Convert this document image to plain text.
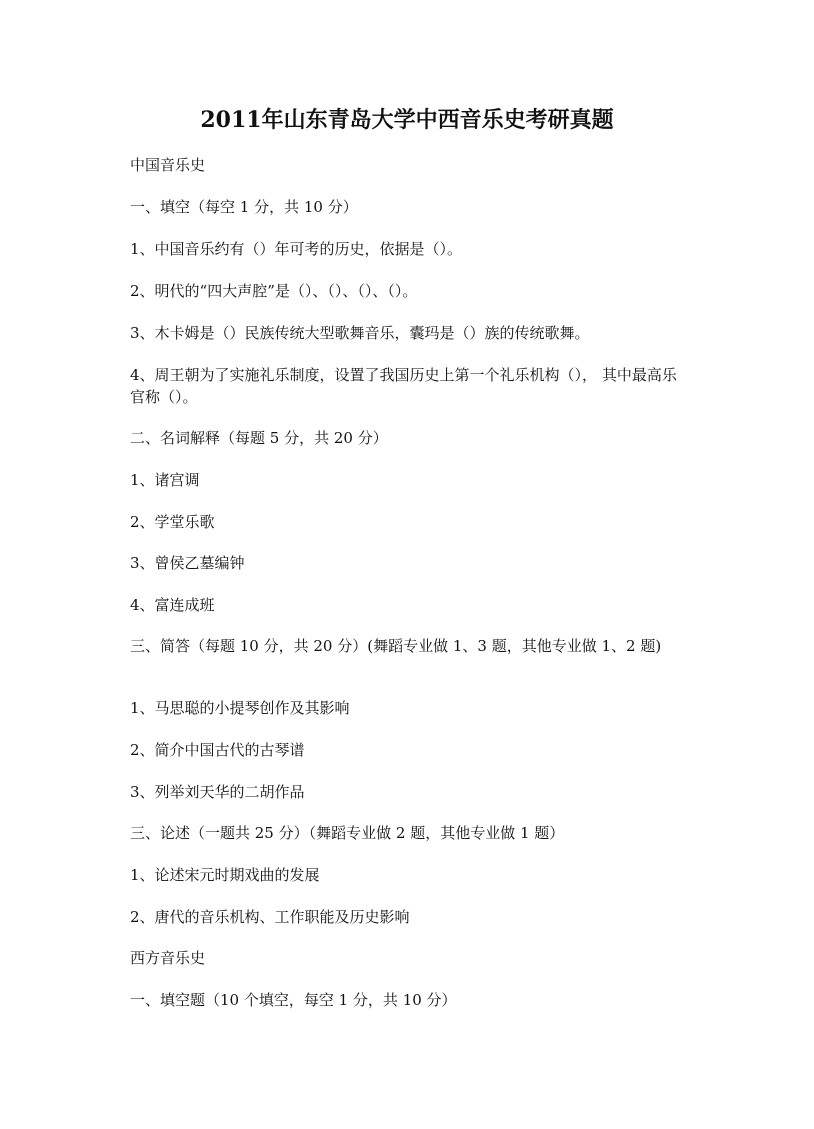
2011年山东青岛大学中西音乐史考研真题
中国音乐史
一、填空（每空 1 分，共 10 分）
1、中国音乐约有（）年可考的历史，依据是（）。
2、明代的“四大声腔”是（）、（）、（）、（）。
3、木卡姆是（）民族传统大型歌舞音乐，囊玛是（）族的传统歌舞。
4、周王朝为了实施礼乐制度，设置了我国历史上第一个礼乐机构（）， 其中最高乐官称（）。
二、名词解释（每题 5 分，共 20 分）
1、诸宫调
2、学堂乐歌
3、曾侯乙墓编钟
4、富连成班
三、简答（每题 10 分，共 20 分）(舞蹈专业做 1、3 题，其他专业做 1、2 题)
1、马思聪的小提琴创作及其影响
2、简介中国古代的古琴谱
3、列举刘天华的二胡作品
三、论述（一题共 25 分）（舞蹈专业做 2 题，其他专业做 1 题）
1、论述宋元时期戏曲的发展
2、唐代的音乐机构、工作职能及历史影响
西方音乐史
一、填空题（10 个填空，每空 1 分，共 10 分）
